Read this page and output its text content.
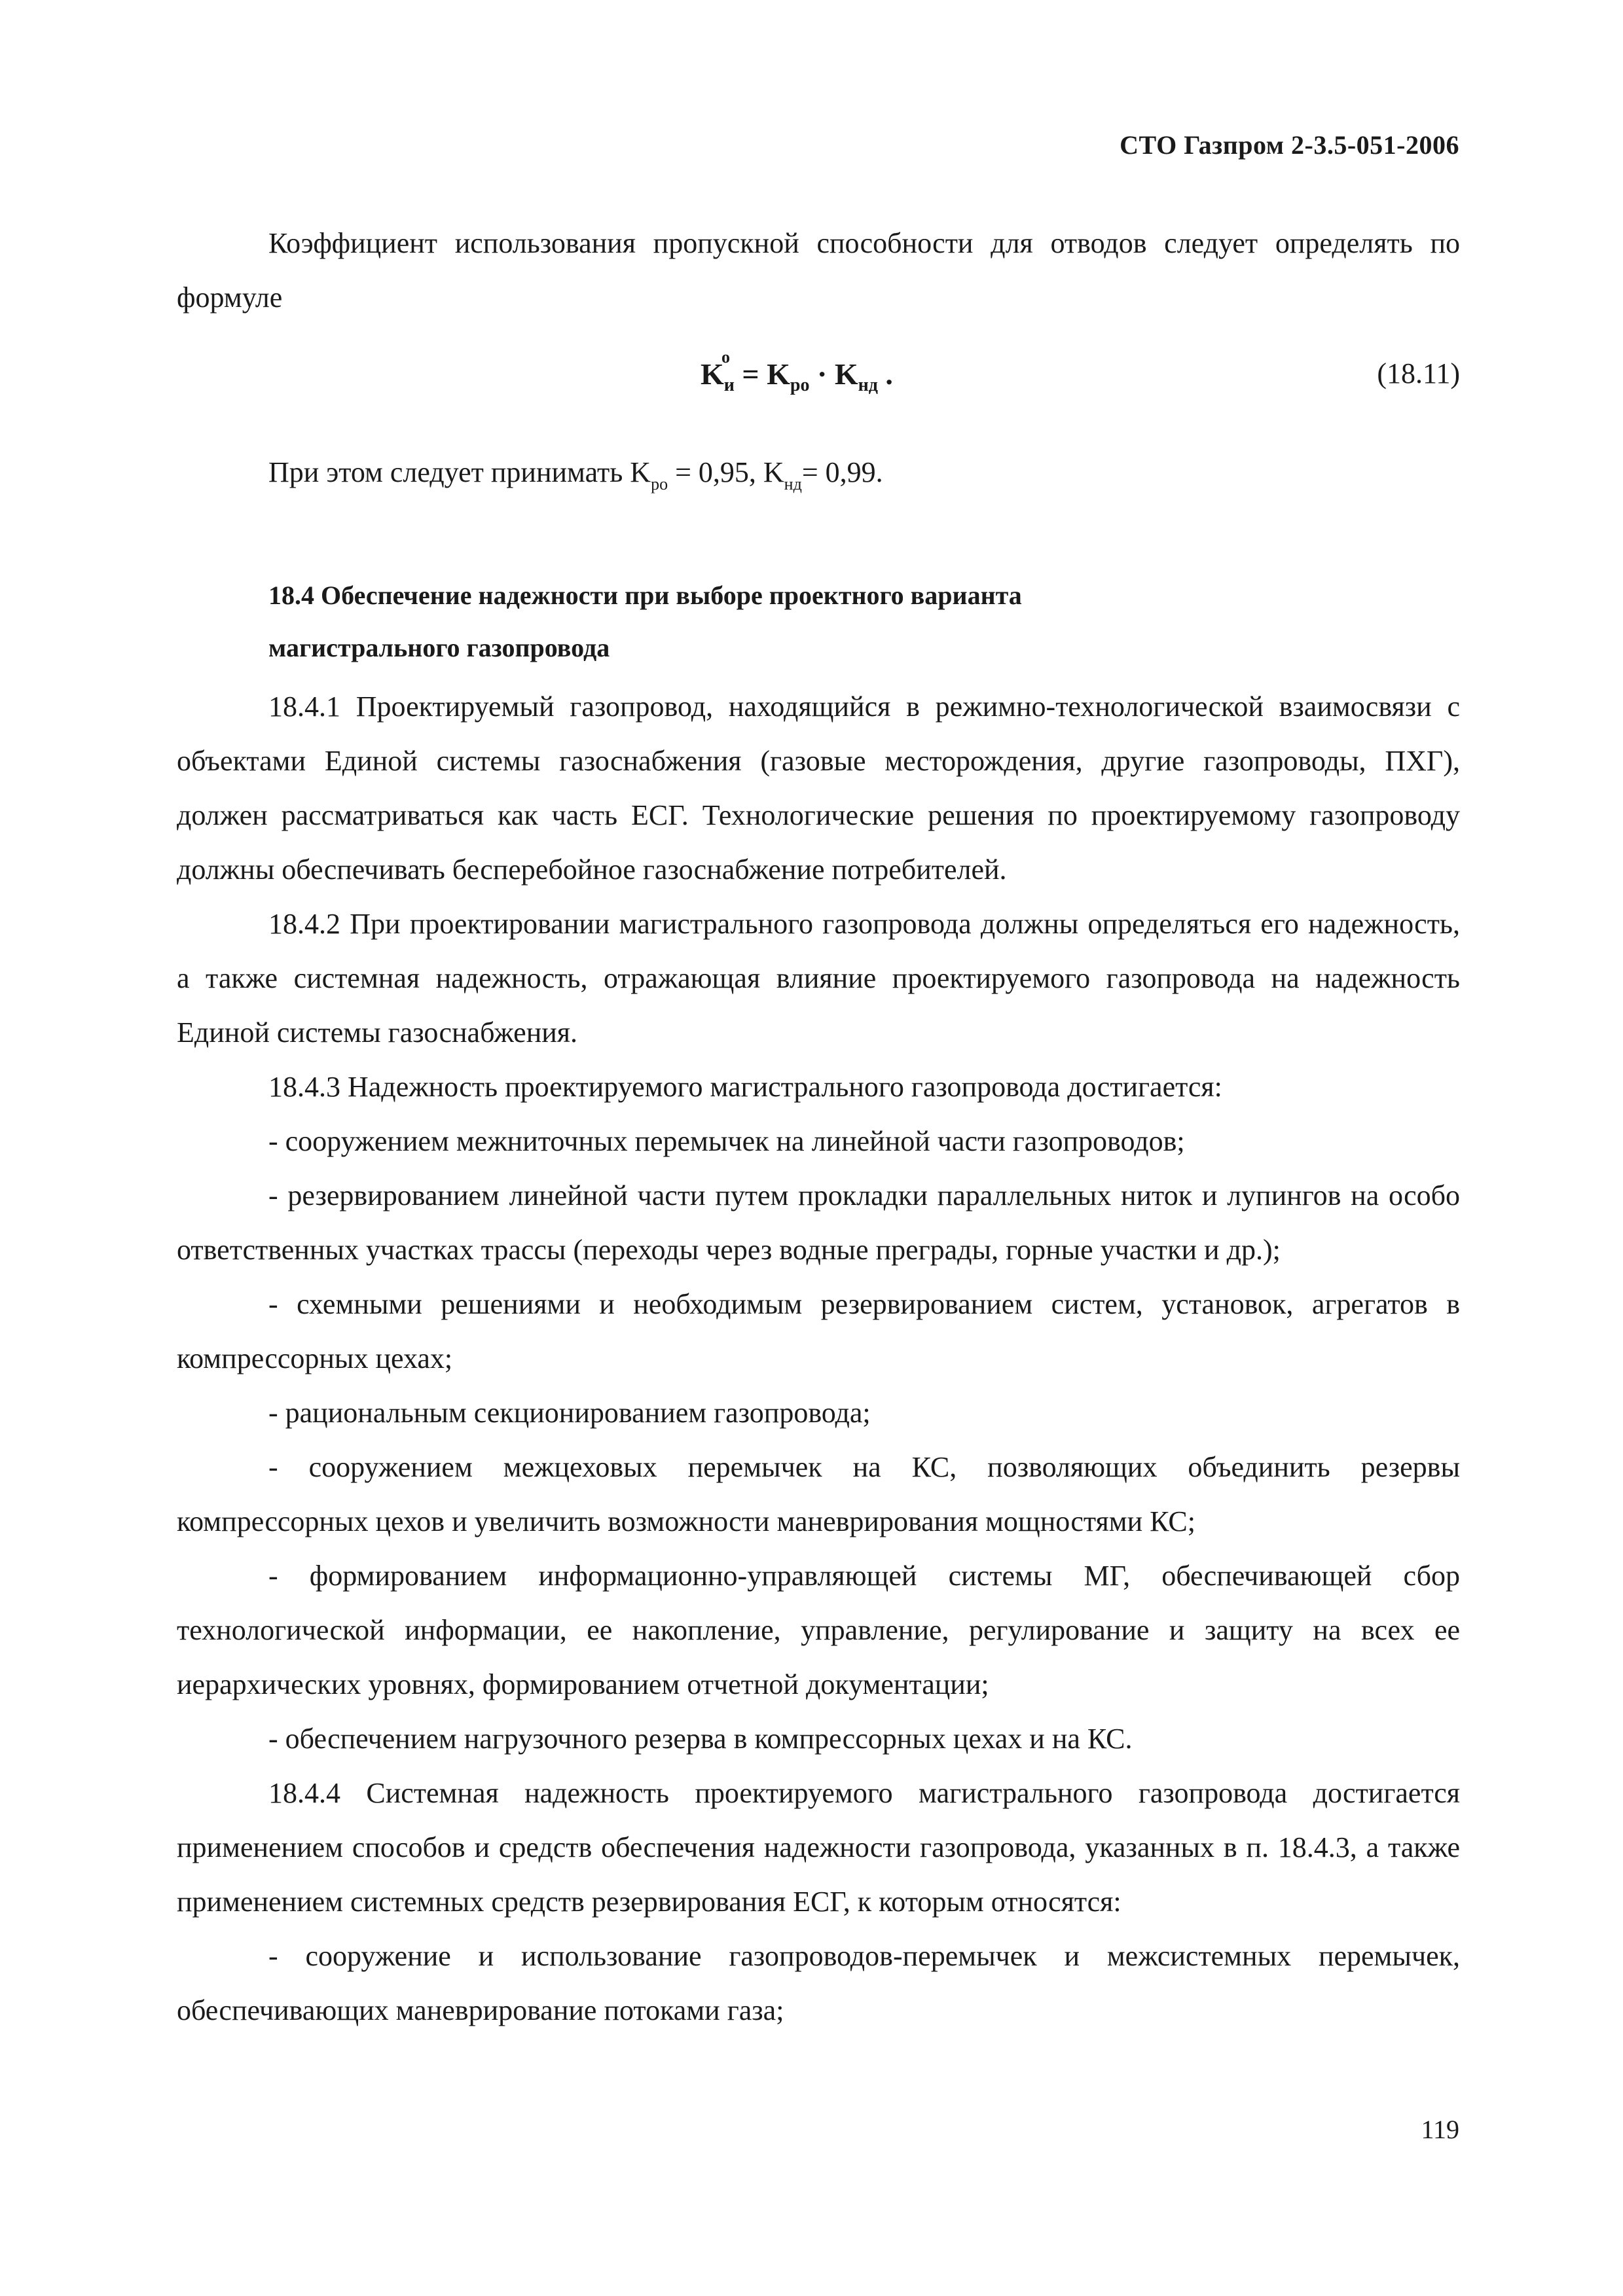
СТО Газпром 2-3.5-051-2006

Коэффициент использования пропускной способности для отводов следует определять по формуле

K
о
$_и = K_{ро} \cdot K_{нд}$ .	(18.11)

При этом следует принимать $K_{ро} = 0,95$, $K_{нд}= 0,99$.

18.4 Обеспечение надежности при выборе проектного варианта
магистрального газопровода

18.4.1 Проектируемый газопровод, находящийся в режимно-технологической взаимосвязи с объектами Единой системы газоснабжения (газовые месторождения, другие газопроводы, ПХГ), должен рассматриваться как часть ЕСГ. Технологические решения по проектируемому газопроводу должны обеспечивать бесперебойное газоснабжение потребителей.

18.4.2 При проектировании магистрального газопровода должны определяться его надежность, а также системная надежность, отражающая влияние проектируемого газопровода на надежность Единой системы газоснабжения.

18.4.3 Надежность проектируемого магистрального газопровода достигается:

- сооружением межниточных перемычек на линейной части газопроводов;

- резервированием линейной части путем прокладки параллельных ниток и лупингов на особо ответственных участках трассы (переходы через водные преграды, горные участки и др.);

- схемными решениями и необходимым резервированием систем, установок, агрегатов в компрессорных цехах;

- рациональным секционированием газопровода;

- сооружением межцеховых перемычек на КС, позволяющих объединить резервы компрессорных цехов и увеличить возможности маневрирования мощностями КС;

- формированием информационно-управляющей системы МГ, обеспечивающей сбор технологической информации, ее накопление, управление, регулирование и защиту на всех ее иерархических уровнях, формированием отчетной документации;

- обеспечением нагрузочного резерва в компрессорных цехах и на КС.

18.4.4 Системная надежность проектируемого магистрального газопровода достигается применением способов и средств обеспечения надежности газопровода, указанных в п. 18.4.3, а также применением системных средств резервирования ЕСГ, к которым относятся:

- сооружение и использование газопроводов-перемычек и межсистемных перемычек, обеспечивающих маневрирование потоками газа;

119
